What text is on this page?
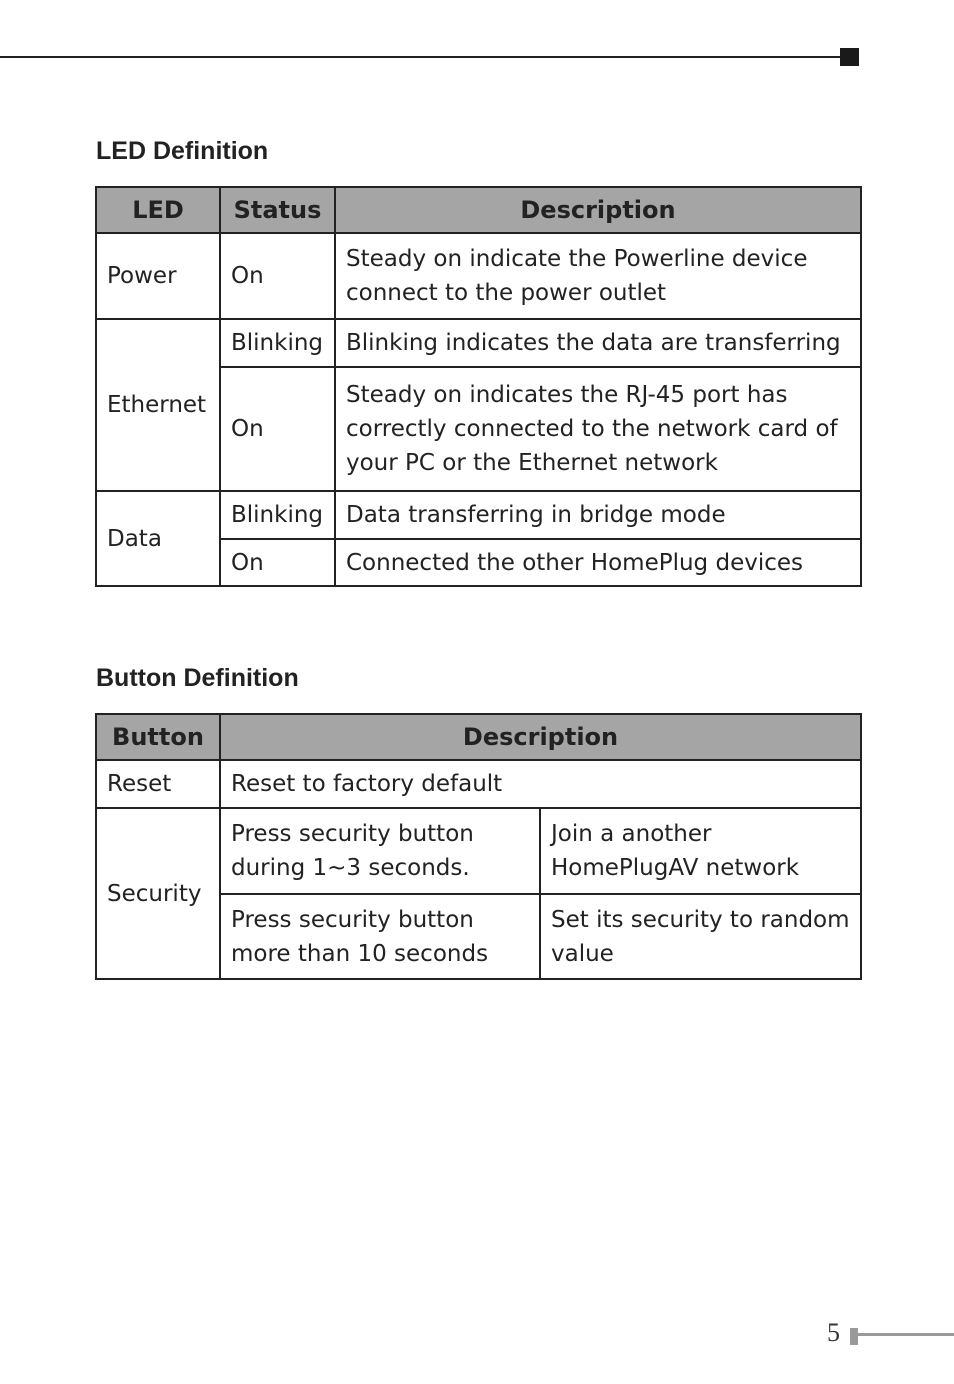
LED Definition
LED	Status	Description
Power	On	Steady on indicate the Powerline device connect to the power outlet
Ethernet	Blinking	Blinking indicates the data are transferring
	On	Steady on indicates the RJ-45 port has correctly connected to the network card of your PC or the Ethernet network
Data	Blinking	Data transferring in bridge mode
	On	Connected the other HomePlug devices
Button Definition
Button	Description	
Reset	Reset to factory default	
Security	Press security button during 1~3 seconds.	Join a another HomePlugAV network
	Press security button more than 10 seconds	Set its security to random value
5
